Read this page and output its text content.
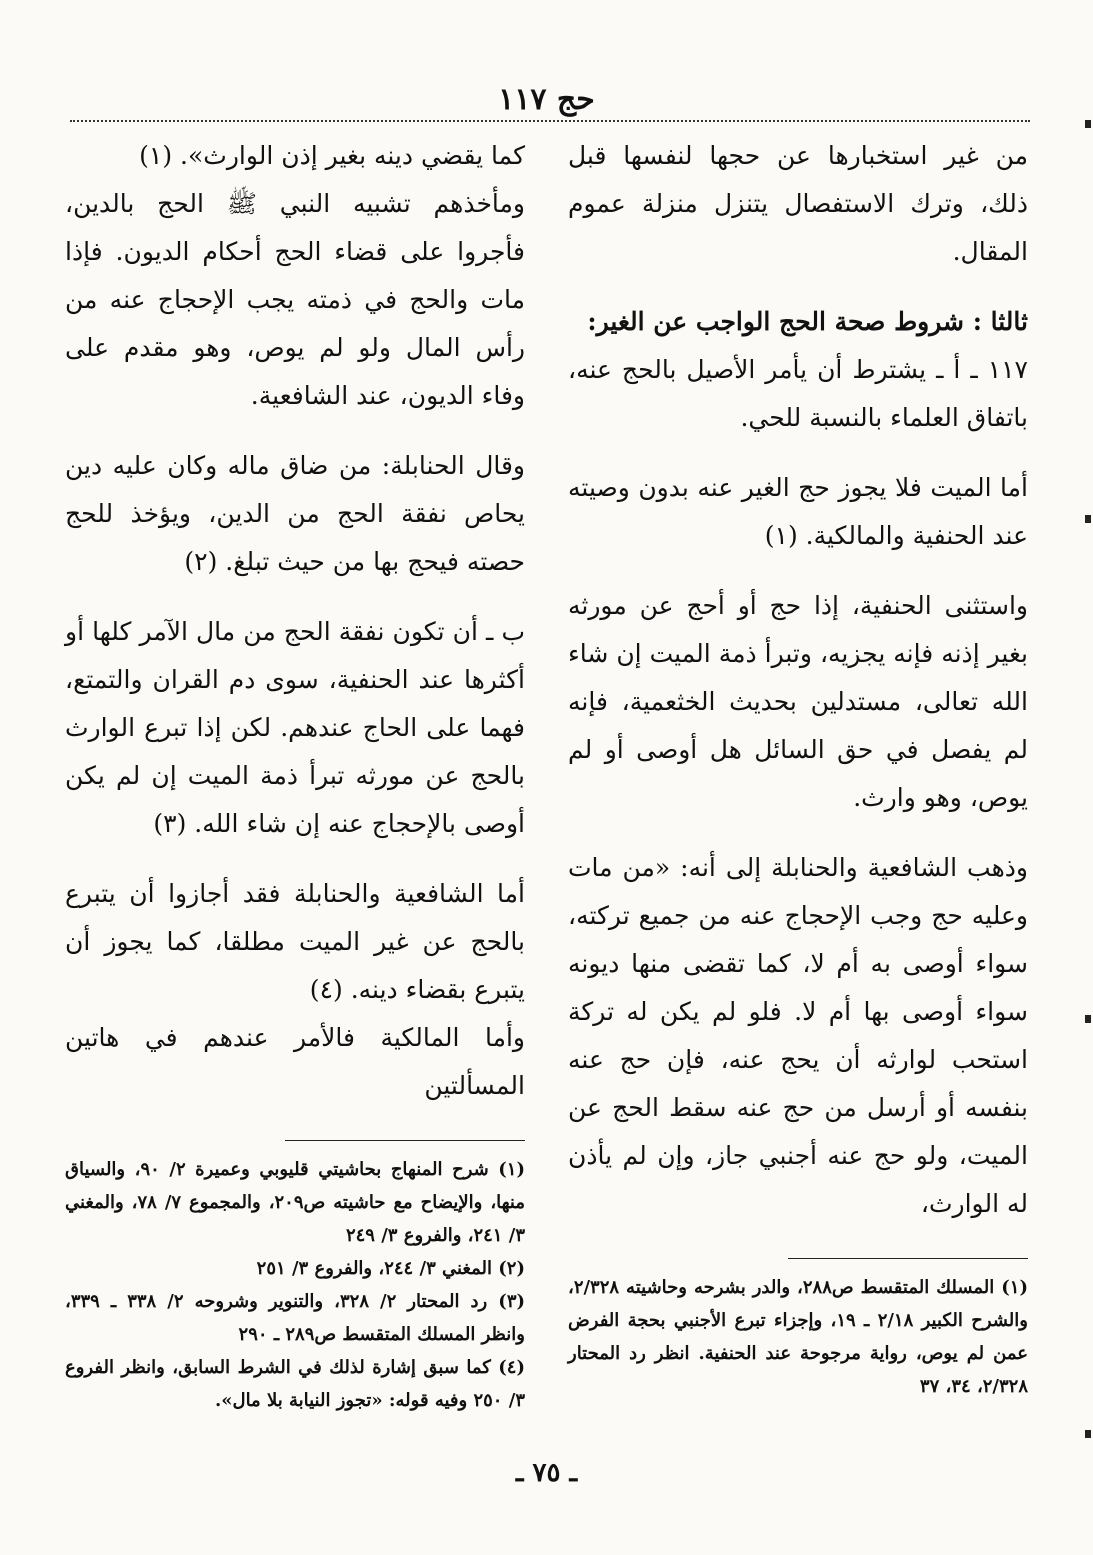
حج ١١٧

من غير استخبارها عن حجها لنفسها قبل ذلك، وترك الاستفصال يتنزل منزلة عموم المقال.

ثالثا : شروط صحة الحج الواجب عن الغير:

١١٧ ـ أ ـ يشترط أن يأمر الأصيل بالحج عنه، باتفاق العلماء بالنسبة للحي.

أما الميت فلا يجوز حج الغير عنه بدون وصيته عند الحنفية والمالكية. (١)

واستثنى الحنفية، إذا حج أو أحج عن مورثه بغير إذنه فإنه يجزيه، وتبرأ ذمة الميت إن شاء الله تعالى، مستدلين بحديث الخثعمية، فإنه لم يفصل في حق السائل هل أوصى أو لم يوص، وهو وارث.

وذهب الشافعية والحنابلة إلى أنه: «من مات وعليه حج وجب الإحجاج عنه من جميع تركته، سواء أوصى به أم لا، كما تقضى منها ديونه سواء أوصى بها أم لا. فلو لم يكن له تركة استحب لوارثه أن يحج عنه، فإن حج عنه بنفسه أو أرسل من حج عنه سقط الحج عن الميت، ولو حج عنه أجنبي جاز، وإن لم يأذن له الوارث،

(١) المسلك المتقسط ص٢٨٨، والدر بشرحه وحاشيته ٢/٣٢٨، والشرح الكبير ٢/١٨ ـ ١٩، وإجزاء تبرع الأجنبي بحجة الفرض عمن لم يوص، رواية مرجوحة عند الحنفية. انظر رد المحتار ٢/٣٢٨، ٣٤، ٣٧

كما يقضي دينه بغير إذن الوارث». (١)

ومأخذهم تشبيه النبي ﷺ الحج بالدين، فأجروا على قضاء الحج أحكام الديون. فإذا مات والحج في ذمته يجب الإحجاج عنه من رأس المال ولو لم يوص، وهو مقدم على وفاء الديون، عند الشافعية.

وقال الحنابلة: من ضاق ماله وكان عليه دين يحاص نفقة الحج من الدين، ويؤخذ للحج حصته فيحج بها من حيث تبلغ. (٢)

ب ـ أن تكون نفقة الحج من مال الآمر كلها أو أكثرها عند الحنفية، سوى دم القران والتمتع، فهما على الحاج عندهم. لكن إذا تبرع الوارث بالحج عن مورثه تبرأ ذمة الميت إن لم يكن أوصى بالإحجاج عنه إن شاء الله. (٣)

أما الشافعية والحنابلة فقد أجازوا أن يتبرع بالحج عن غير الميت مطلقا، كما يجوز أن يتبرع بقضاء دينه. (٤)

وأما المالكية فالأمر عندهم في هاتين المسألتين

(١) شرح المنهاج بحاشيتي قليوبي وعميرة ٢/ ٩٠، والسياق منها، والإيضاح مع حاشيته ص٢٠٩، والمجموع ٧/ ٧٨، والمغني ٣/ ٢٤١، والفروع ٣/ ٢٤٩

(٢) المغني ٣/ ٢٤٤، والفروع ٣/ ٢٥١

(٣) رد المحتار ٢/ ٣٢٨، والتنوير وشروحه ٢/ ٣٣٨ ـ ٣٣٩، وانظر المسلك المتقسط ص٢٨٩ ـ ٢٩٠

(٤) كما سبق إشارة لذلك في الشرط السابق، وانظر الفروع ٣/ ٢٥٠ وفيه قوله: «تجوز النيابة بلا مال».

ـ ٧٥ ـ
